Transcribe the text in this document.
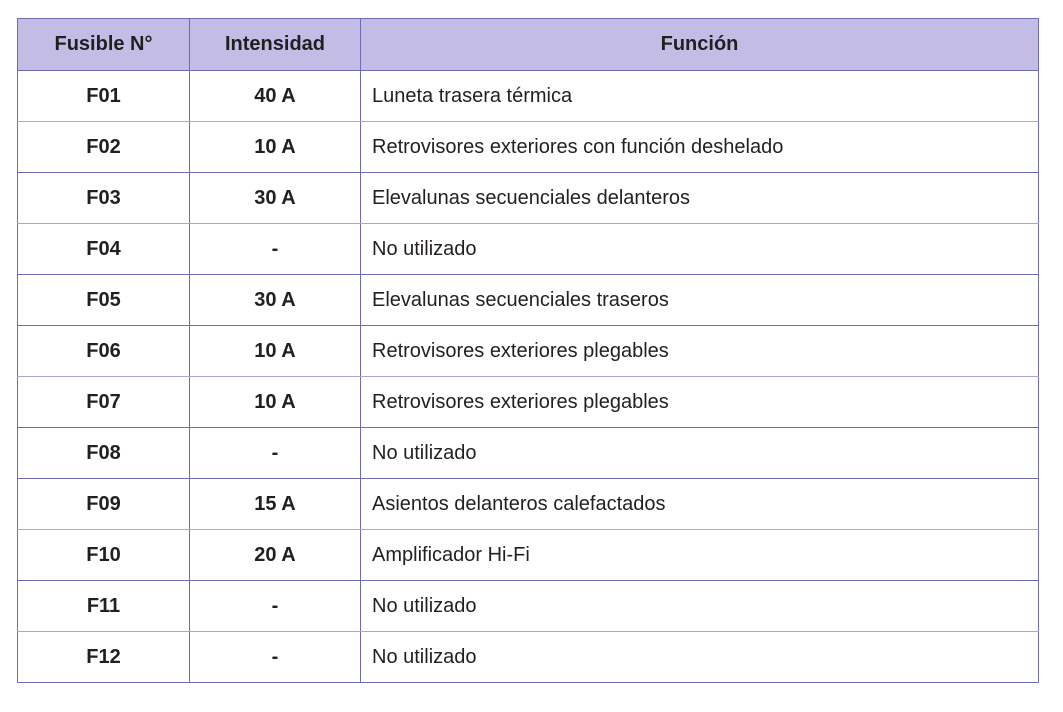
Fusible N°	Intensidad	Función
F01	40 A	Luneta trasera térmica
F02	10 A	Retrovisores exteriores con función deshelado
F03	30 A	Elevalunas secuenciales delanteros
F04	-	No utilizado
F05	30 A	Elevalunas secuenciales traseros
F06	10 A	Retrovisores exteriores plegables
F07	10 A	Retrovisores exteriores plegables
F08	-	No utilizado
F09	15 A	Asientos delanteros calefactados
F10	20 A	Amplificador Hi-Fi
F11	-	No utilizado
F12	-	No utilizado
